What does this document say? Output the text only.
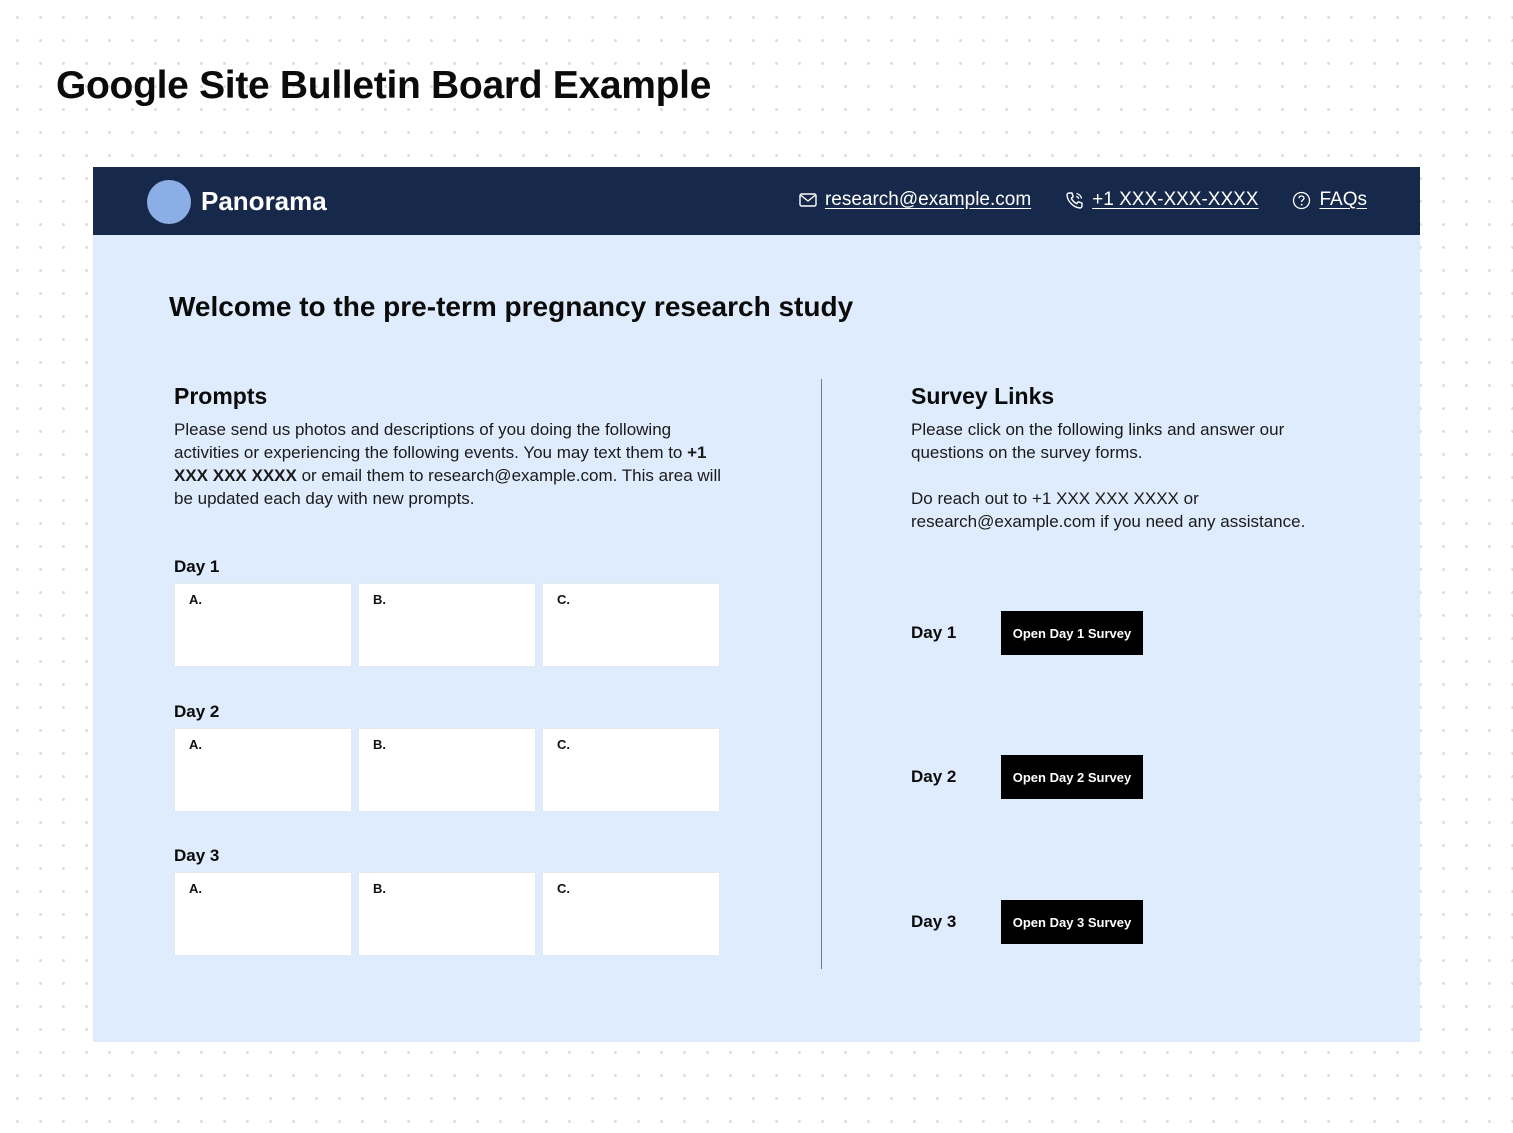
Google Site Bulletin Board Example
Panorama	research@example.com	+1 XXX-XXX-XXXX	FAQs
Welcome to the pre-term pregnancy research study
Prompts

Please send us photos and descriptions of you doing the following activities or experiencing the following events. You may text them to +1 XXX XXX XXXX or email them to research@example.com. This area will be updated each day with new prompts.

Day 1
A.	B.	C.
Day 2
A.	B.	C.
Day 3
A.	B.	C.
Survey Links

Please click on the following links and answer our questions on the survey forms.

Do reach out to +1 XXX XXX XXXX or research@example.com if you need any assistance.

Day 1	Open Day 1 Survey
Day 2	Open Day 2 Survey
Day 3	Open Day 3 Survey
